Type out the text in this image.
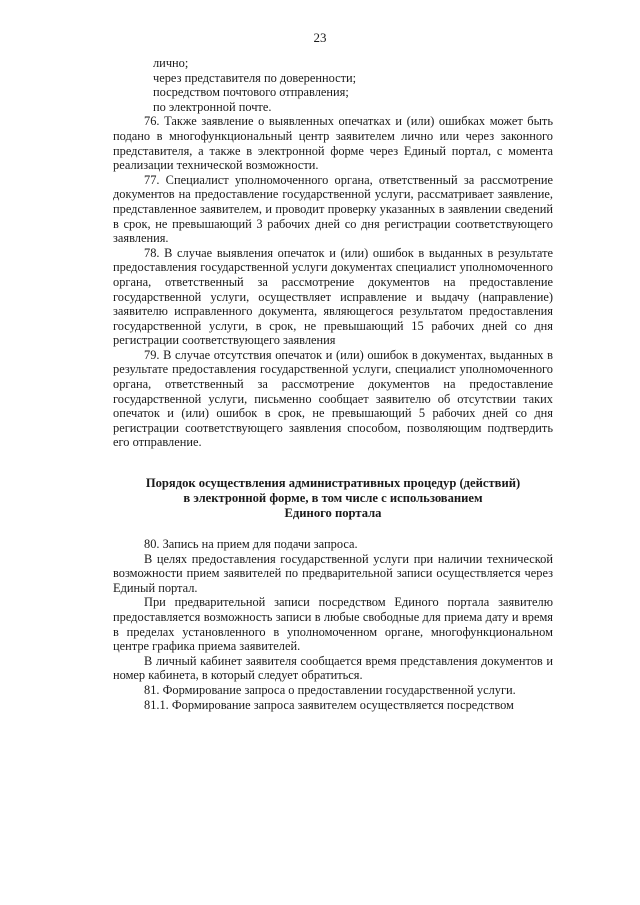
23
лично;
через представителя по доверенности;
посредством почтового отправления;
по электронной почте.

76. Также заявление о выявленных опечатках и (или) ошибках может быть подано в многофункциональный центр заявителем лично или через законного представителя, а также в электронной форме через Единый портал, с момента реализации технической возможности.

77. Специалист уполномоченного органа, ответственный за рассмотрение документов на предоставление государственной услуги, рассматривает заявление, представленное заявителем, и проводит проверку указанных в заявлении сведений в срок, не превышающий 3 рабочих дней со дня регистрации соответствующего заявления.

78. В случае выявления опечаток и (или) ошибок в выданных в результате предоставления государственной услуги документах специалист уполномоченного органа, ответственный за рассмотрение документов на предоставление государственной услуги, осуществляет исправление и выдачу (направление) заявителю исправленного документа, являющегося результатом предоставления государственной услуги, в срок, не превышающий 15 рабочих дней со дня регистрации соответствующего заявления

79. В случае отсутствия опечаток и (или) ошибок в документах, выданных в результате предоставления государственной услуги, специалист уполномоченного органа, ответственный за рассмотрение документов на предоставление государственной услуги, письменно сообщает заявителю об отсутствии таких опечаток и (или) ошибок в срок, не превышающий 5 рабочих дней со дня регистрации соответствующего заявления способом, позволяющим подтвердить его отправление.

Порядок осуществления административных процедур (действий)
в электронной форме, в том числе с использованием
Единого портала

80. Запись на прием для подачи запроса.

В целях предоставления государственной услуги при наличии технической возможности прием заявителей по предварительной записи осуществляется через Единый портал.

При предварительной записи посредством Единого портала заявителю предоставляется возможность записи в любые свободные для приема дату и время в пределах установленного в уполномоченном органе, многофункциональном центре графика приема заявителей.

В личный кабинет заявителя сообщается время представления документов и номер кабинета, в который следует обратиться.

81. Формирование запроса о предоставлении государственной услуги.

81.1. Формирование запроса заявителем осуществляется посредством
